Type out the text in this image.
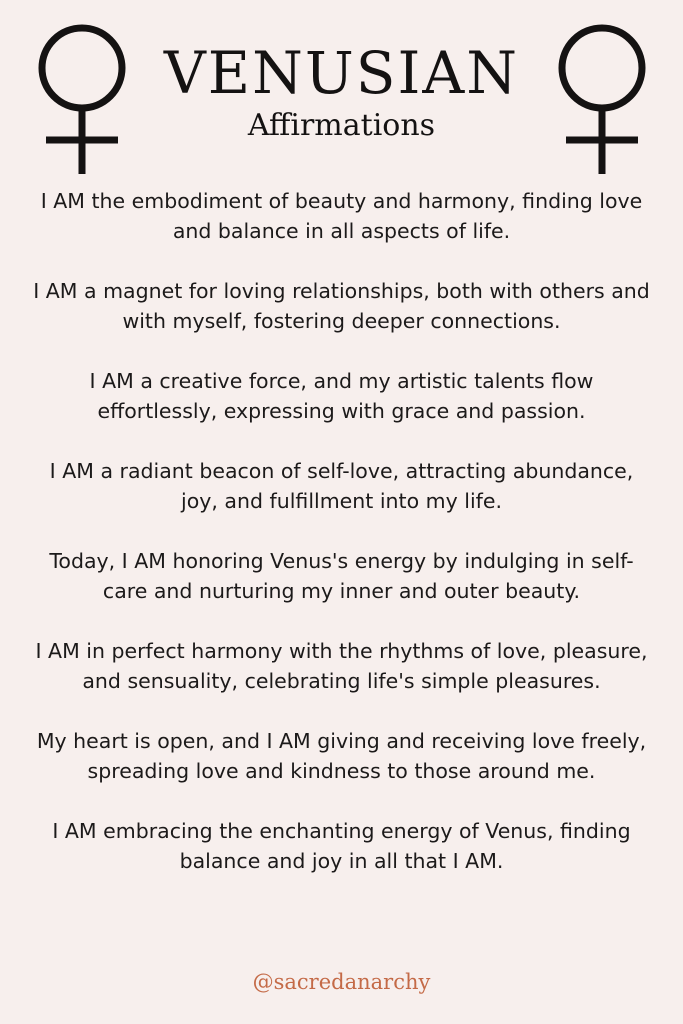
VENUSIAN
Affirmations
I AM the embodiment of beauty and harmony, finding love and balance in all aspects of life.
I AM a magnet for loving relationships, both with others and with myself, fostering deeper connections.
I AM a creative force, and my artistic talents flow effortlessly, expressing with grace and passion.
I AM a radiant beacon of self-love, attracting abundance, joy, and fulfillment into my life.
Today, I AM honoring Venus's energy by indulging in self-care and nurturing my inner and outer beauty.
I AM in perfect harmony with the rhythms of love, pleasure, and sensuality, celebrating life's simple pleasures.
My heart is open, and I AM giving and receiving love freely, spreading love and kindness to those around me.
I AM embracing the enchanting energy of Venus, finding balance and joy in all that I AM.
@sacredanarchy
